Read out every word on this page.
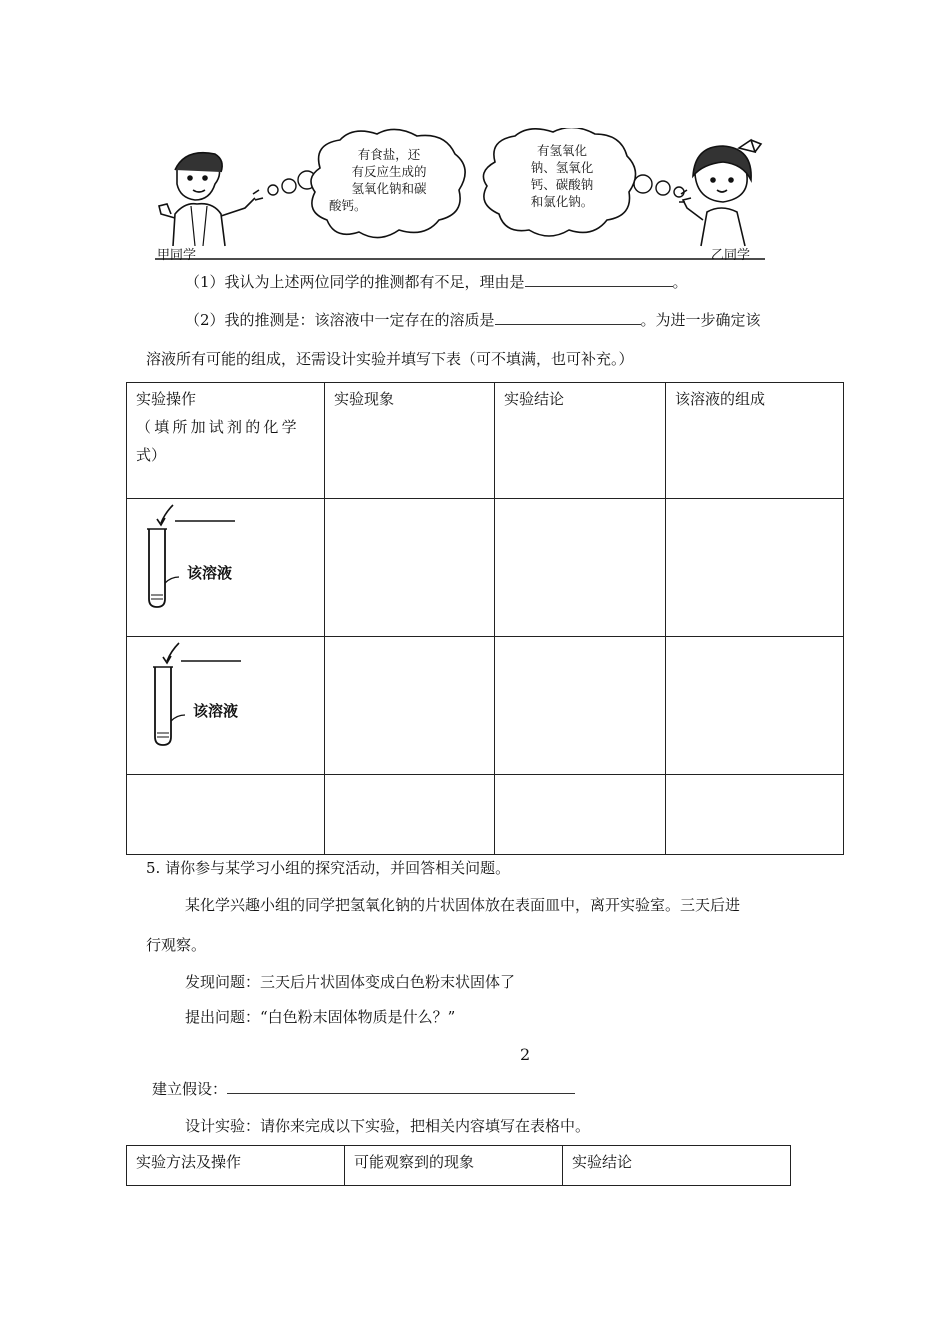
有食盐，还
有反应生成的
氢氧化钠和碳
酸钙。
有氢氧化
钠、氢氧化
钙、碳酸钠
和氯化钠。
甲同学	乙同学
（1）我认为上述两位同学的推测都有不足，理由是	。
（2）我的推测是：该溶液中一定存在的溶质是	。为进一步确定该
溶液所有可能的组成，还需设计实验并填写下表（可不填满，也可补充。）
实验操作
（填所加试剂的化学
式）	实验现象	实验结论	该溶液的组成

该溶液			

该溶液			

5. 请你参与某学习小组的探究活动，并回答相关问题。
某化学兴趣小组的同学把氢氧化钠的片状固体放在表面皿中，离开实验室。三天后进
行观察。
发现问题：三天后片状固体变成白色粉末状固体了
提出问题：“白色粉末固体物质是什么？”
2
建立假设：
设计实验：请你来完成以下实验，把相关内容填写在表格中。
实验方法及操作	可能观察到的现象	实验结论
